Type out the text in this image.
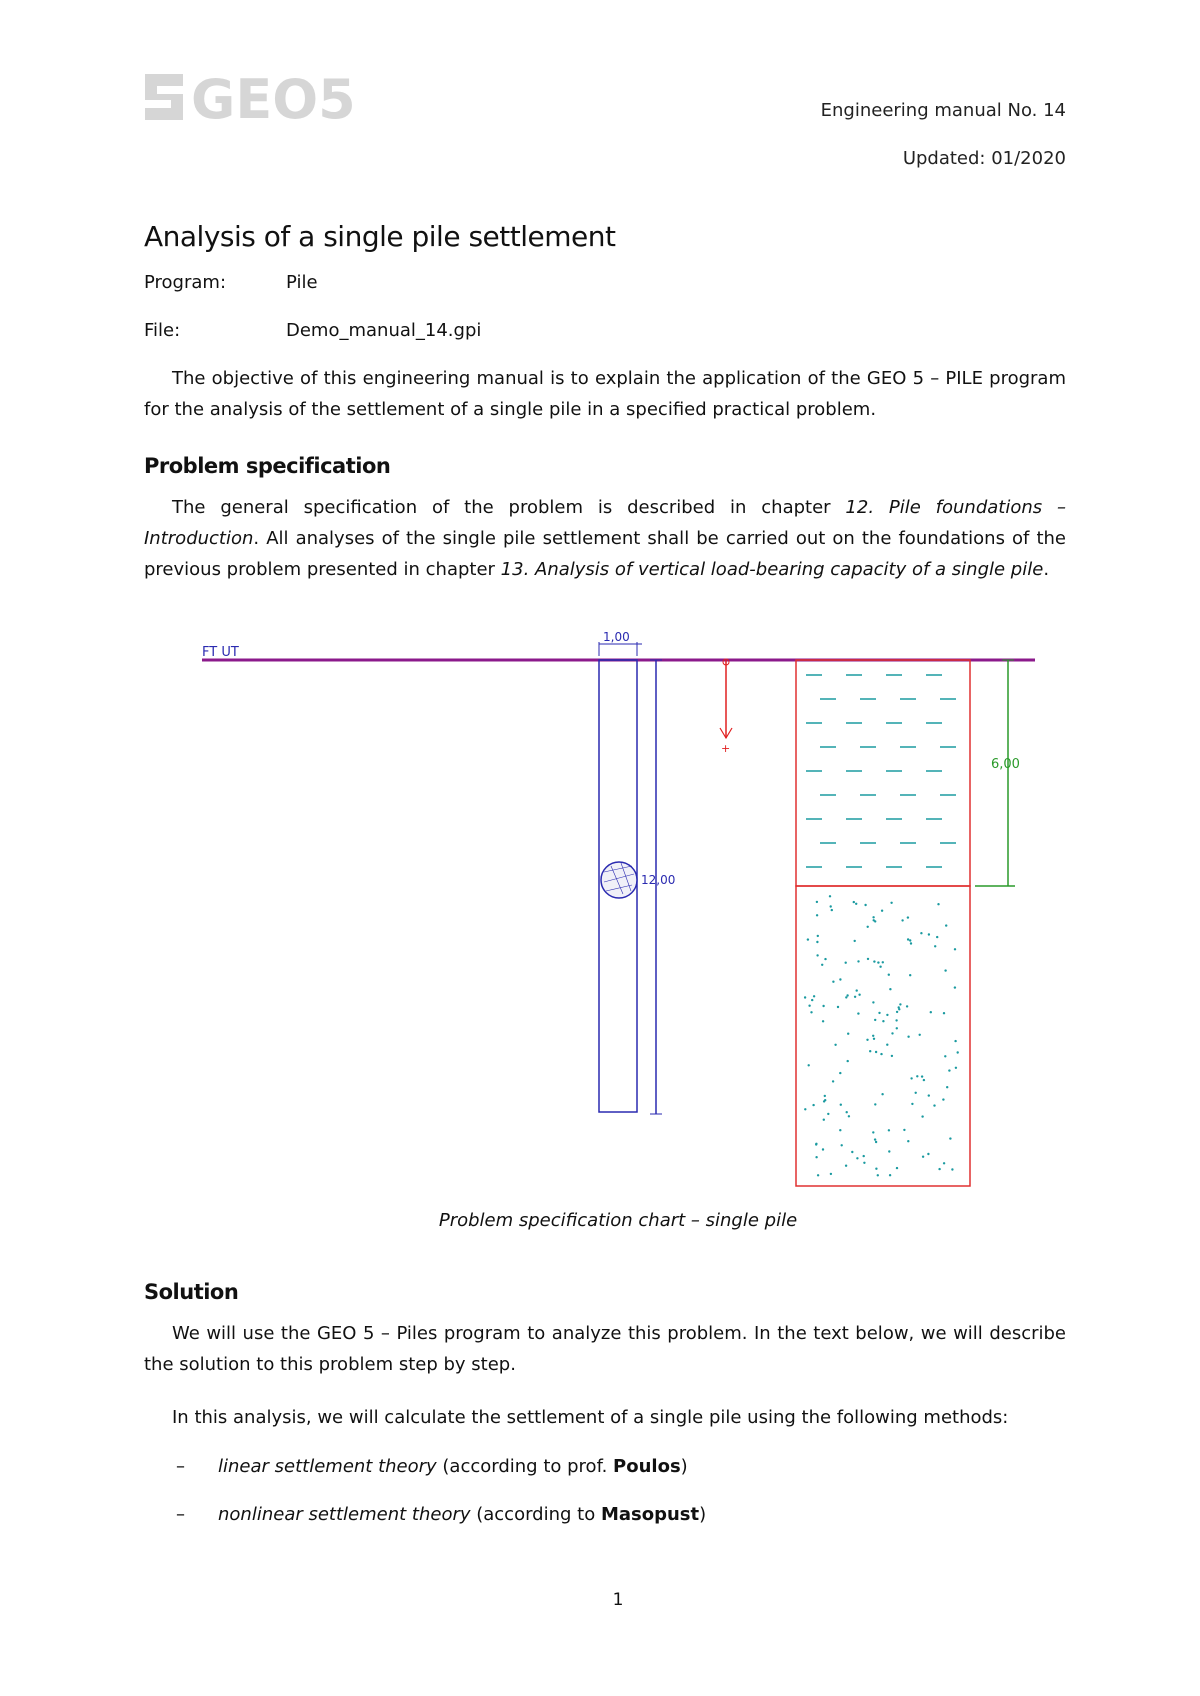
GEO5	Engineering manual No. 14
Updated: 01/2020
Analysis of a single pile settlement
Program:	Pile
File:	Demo_manual_14.gpi
The objective of this engineering manual is to explain the application of the GEO 5 – PILE program for the analysis of the settlement of a single pile in a specified practical problem.
Problem specification
The general specification of the problem is described in chapter 12. Pile foundations – Introduction. All analyses of the single pile settlement shall be carried out on the foundations of the previous problem presented in chapter 13. Analysis of vertical load-bearing capacity of a single pile.
FT UT
1,00
12,00
+
6,00
Problem specification chart – single pile
Solution
We will use the GEO 5 – Piles program to analyze this problem. In the text below, we will describe the solution to this problem step by step.
In this analysis, we will calculate the settlement of a single pile using the following methods:
– linear settlement theory (according to prof. Poulos)
– nonlinear settlement theory (according to Masopust)
1
